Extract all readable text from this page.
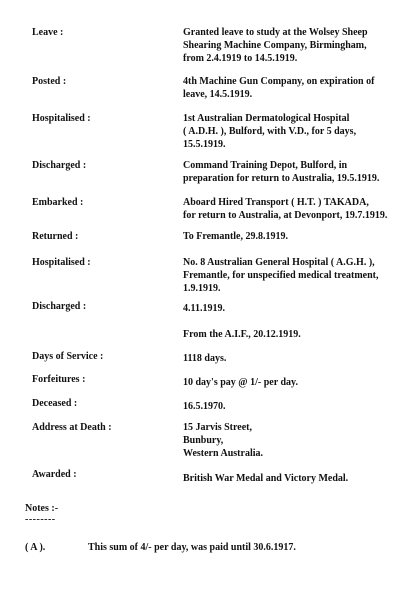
Leave :	Granted leave to study at the Wolsey Sheep
Shearing Machine Company, Birmingham,
from 2.4.1919 to 14.5.1919.
Posted :	4th Machine Gun Company, on expiration of
leave, 14.5.1919.
Hospitalised :	1st Australian Dermatological Hospital
( A.D.H. ), Bulford, with V.D., for 5 days,
15.5.1919.
Discharged :	Command Training Depot, Bulford, in
preparation for return to Australia, 19.5.1919.
Embarked :	Aboard Hired Transport ( H.T. ) TAKADA,
for return to Australia, at Devonport, 19.7.1919.
Returned :	To Fremantle, 29.8.1919.
Hospitalised :	No. 8 Australian General Hospital ( A.G.H. ),
Fremantle, for unspecified medical treatment,
1.9.1919.
Discharged :	4.11.1919.
From the A.I.F., 20.12.1919.
Days of Service :	1118 days.
Forfeitures :	10 day's pay @ 1/- per day.
Deceased :	16.5.1970.
Address at Death :	15 Jarvis Street,
Bunbury,
Western Australia.
Awarded :	British War Medal and Victory Medal.
Notes :-
--------
( A ).	This sum of 4/- per day, was paid until 30.6.1917.
